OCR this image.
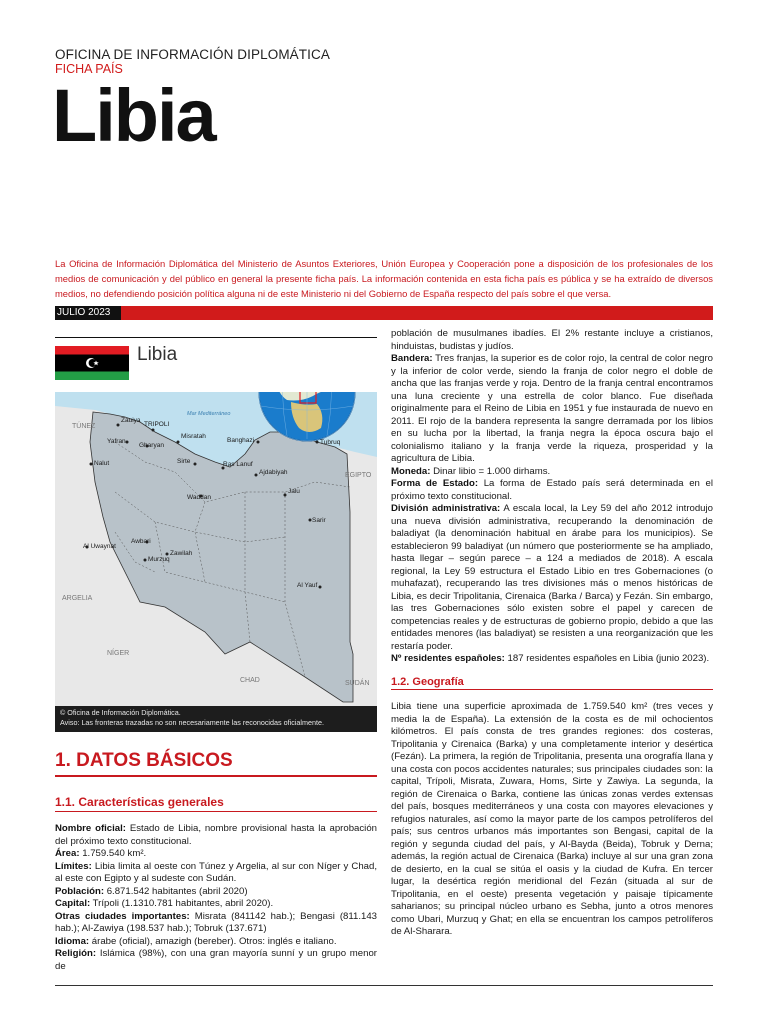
OFICINA DE INFORMACIÓN DIPLOMÁTICA
FICHA PAÍS
Libia
La Oficina de Información Diplomática del Ministerio de Asuntos Exteriores, Unión Europea y Cooperación pone a disposición de los profesionales de los medios de comunicación y del público en general la presente ficha país. La información contenida en esta ficha país es pública y se ha extraído de diversos medios, no defendiendo posición política alguna ni de este Ministerio ni del Gobierno de España respecto del país sobre el que versa.
JULIO 2023
Libia
Mar Mediterráneo
TÚNEZ
EGIPTO
ARGELIA
NÍGER
CHAD	SUDÁN
Zauiya
TRIPOLI
Yafran
Gharyan
Misratah
Banghazi	Tubruq
Nalut	Sirte	Ras Lanuf
Ajdabiyah
Jalu
Waddan
Sarir
Al Uwaynat
Awbari
Zawilah
Murzuq
Al Yauf
© Oficina de Información Diplomática.
Aviso: Las fronteras trazadas no son necesariamente las reconocidas oficialmente.
1. DATOS BÁSICOS
1.1. Características generales

Nombre oficial: Estado de Libia, nombre provisional hasta la aprobación del próximo texto constitucional.

Área: 1.759.540 km².

Límites: Libia limita al oeste con Túnez y Argelia, al sur con Níger y Chad, al este con Egipto y al sudeste con Sudán.

Población: 6.871.542 habitantes (abril 2020)

Capital: Trípoli (1.1310.781 habitantes, abril 2020).

Otras ciudades importantes: Misrata (841142 hab.); Bengasi (811.143 hab.); Al-Zawiya (198.537 hab.); Tobruk (137.671)

Idioma: árabe (oficial), amazigh (bereber). Otros: inglés e italiano.

Religión: Islámica (98%), con una gran mayoría sunní y un grupo menor de

población de musulmanes ibadíes. El 2% restante incluye a cristianos, hinduistas, budistas y judíos.

Bandera: Tres franjas, la superior es de color rojo, la central de color negro y la inferior de color verde, siendo la franja de color negro el doble de ancha que las franjas verde y roja. Dentro de la franja central encontramos una luna creciente y una estrella de color blanco. Fue diseñada originalmente para el Reino de Libia en 1951 y fue instaurada de nuevo en 2011. El rojo de la bandera representa la sangre derramada por los libios en su lucha por la libertad, la franja negra la época oscura bajo el colonialismo italiano y la franja verde la riqueza, prosperidad y la agricultura de Libia.

Moneda: Dinar libio = 1.000 dirhams.

Forma de Estado: La forma de Estado país será determinada en el próximo texto constitucional.

División administrativa: A escala local, la Ley 59 del año 2012 introdujo una nueva división administrativa, recuperando la denominación de baladiyat (la denominación habitual en árabe para los municipios). Se establecieron 99 baladiyat (un número que posteriormente se ha ampliado, hasta llegar – según parece – a 124 a mediados de 2018). A escala regional, la Ley 59 estructura el Estado Libio en tres Gobernaciones (o muhafazat), recuperando las tres divisiones más o menos históricas de Libia, es decir Tripolitania, Cirenaica (Barka / Barca) y Fezán. Sin embargo, las tres Gobernaciones sólo existen sobre el papel y carecen de competencias reales y de estructuras de gobierno propio, debido a que las entidades menores (las baladiyat) se resisten a una reorganización que les restaría poder.

Nº residentes españoles: 187 residentes españoles en Libia (junio 2023).

1.2. Geografía
Libia tiene una superficie aproximada de 1.759.540 km² (tres veces y media la de España). La extensión de la costa es de mil ochocientos kilómetros. El país consta de tres grandes regiones: dos costeras, Tripolitania y Cirenaica (Barka) y una completamente interior y desértica (Fezán). La primera, la región de Tripolitania, presenta una orografía llana y una costa con pocos accidentes naturales; sus principales ciudades son: la capital, Trípoli, Misrata, Zuwara, Homs, Sirte y Zawiya. La segunda, la región de Cirenaica o Barka, contiene las únicas zonas verdes extensas del país, bosques mediterráneos y una costa con mayores elevaciones y refugios naturales, así como la mayor parte de los campos petrolíferos del país; sus centros urbanos más importantes son Bengasi, capital de la región y segunda ciudad del país, y Al-Bayda (Beida), Tobruk y Derna; además, la región actual de Cirenaica (Barka) incluye al sur una gran zona de desierto, en la cual se sitúa el oasis y la ciudad de Kufra. En tercer lugar, la desértica región meridional del Fezán (situada al sur de Tripolitania, en el oeste) presenta vegetación y paisaje típicamente saharianos; su principal núcleo urbano es Sebha, junto a otros menores como Ubari, Murzuq y Ghat; en ella se encuentran los campos petrolíferos de Al-Sharara.
